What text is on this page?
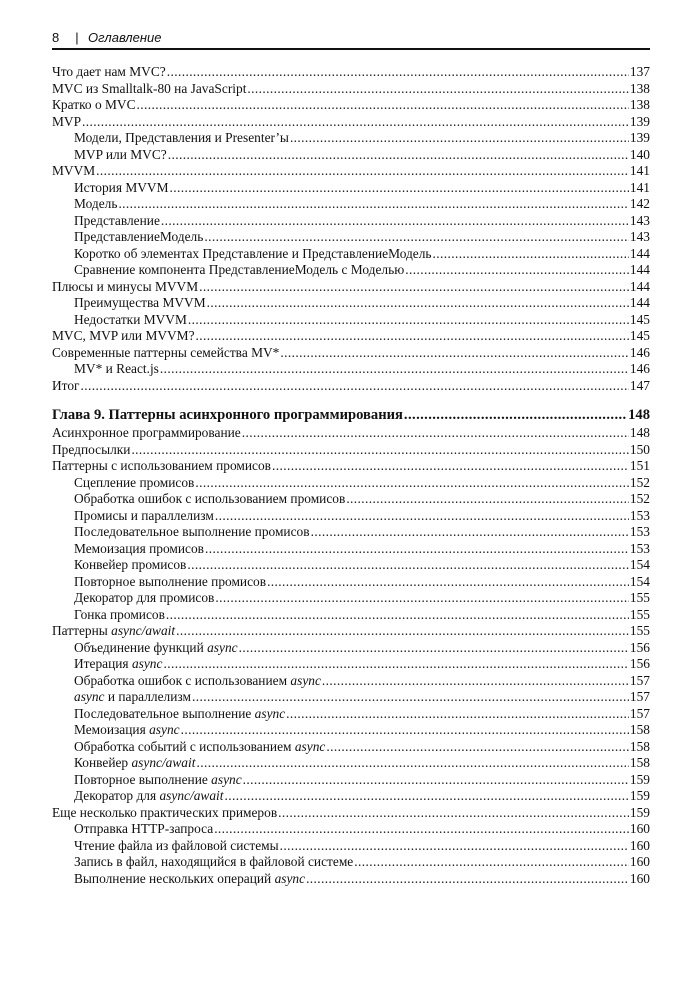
8 | Оглавление
Что дает нам MVC? .....	137
MVC из Smalltalk-80 на JavaScript .....	138
Кратко о MVC .....	138
MVP .....	139
Модели, Представления и Presenter’ы .....	139
MVP или MVC? .....	140
MVVM .....	141
История MVVM .....	141
Модель .....	142
Представление .....	143
ПредставлениеМодель .....	143
Коротко об элементах Представление и ПредставлениеМодель .....	144
Сравнение компонента ПредставлениеМодель с Моделью .....	144
Плюсы и минусы MVVM .....	144
Преимущества MVVM .....	144
Недостатки MVVM .....	145
MVC, MVP или MVVM? .....	145
Современные паттерны семейства MV* .....	146
MV* и React.js .....	146
Итог .....	147
Глава 9. Паттерны асинхронного программирования .....	148
Асинхронное программирование .....	148
Предпосылки .....	150
Паттерны с использованием промисов .....	151
Сцепление промисов .....	152
Обработка ошибок с использованием промисов .....	152
Промисы и параллелизм .....	153
Последовательное выполнение промисов .....	153
Мемоизация промисов .....	153
Конвейер промисов .....	154
Повторное выполнение промисов .....	154
Декоратор для промисов .....	155
Гонка промисов .....	155
Паттерны async/await .....	155
Объединение функций async .....	156
Итерация async .....	156
Обработка ошибок с использованием async .....	157
async и параллелизм .....	157
Последовательное выполнение async .....	157
Мемоизация async .....	158
Обработка событий с использованием async .....	158
Конвейер async/await .....	158
Повторное выполнение async .....	159
Декоратор для async/await .....	159
Еще несколько практических примеров .....	159
Отправка HTTP-запроса .....	160
Чтение файла из файловой системы .....	160
Запись в файл, находящийся в файловой системе .....	160
Выполнение нескольких операций async .....	160
